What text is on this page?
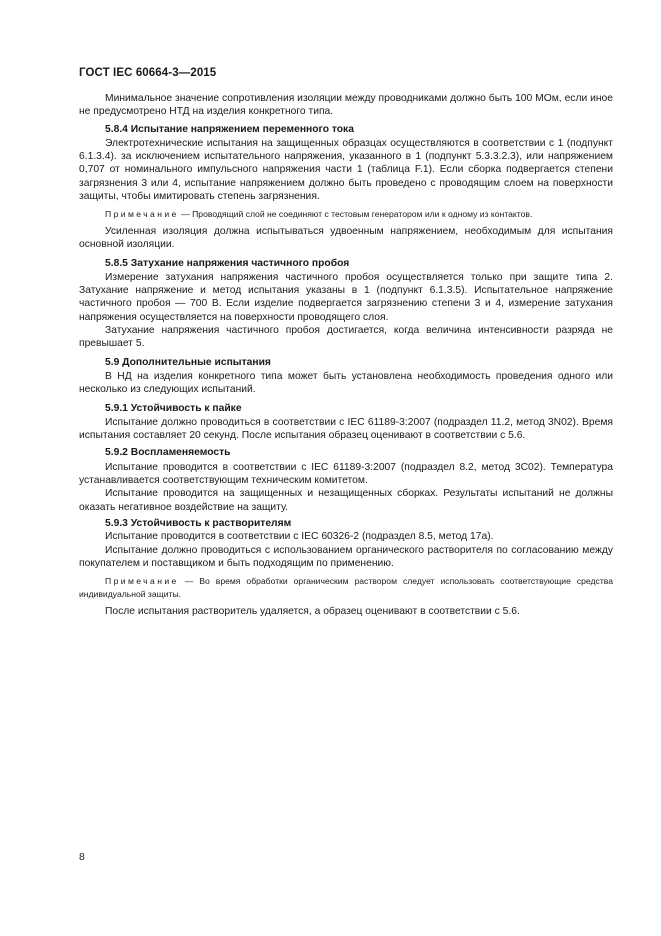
ГОСТ IEC 60664-3—2015

Минимальное значение сопротивления изоляции между проводниками должно быть 100 МОм, если иное не предусмотрено НТД на изделия конкретного типа.

5.8.4 Испытание напряжением переменного тока

Электротехнические испытания на защищенных образцах осуществляются в соответствии с 1 (подпункт 6.1.3.4). за исключением испытательного напряжения, указанного в 1 (подпункт 5.3.3.2.3), или напряжением 0,707 от номинального импульсного напряжения части 1 (таблица F.1). Если сборка подвергается степени загрязнения 3 или 4, испытание напряжением должно быть проведено с проводящим слоем на поверхности защиты, чтобы имитировать степень загрязнения.

Примечание — Проводящий слой не соединяют с тестовым генератором или к одному из контактов.

Усиленная изоляция должна испытываться удвоенным напряжением, необходимым для испытания основной изоляции.

5.8.5 Затухание напряжения частичного пробоя

Измерение затухания напряжения частичного пробоя осуществляется только при защите типа 2. Затухание напряжение и метод испытания указаны в 1 (подпункт 6.1.3.5). Испытательное напряжение частичного пробоя — 700 В. Если изделие подвергается загрязнению степени 3 и 4, измерение затухания напряжения осуществляется на поверхности проводящего слоя.

Затухание напряжения частичного пробоя достигается, когда величина интенсивности разряда не превышает 5.

5.9 Дополнительные испытания

В НД на изделия конкретного типа может быть установлена необходимость проведения одного или несколько из следующих испытаний.

5.9.1 Устойчивость к пайке

Испытание должно проводиться в соответствии с IEC 61189-3:2007 (подраздел 11.2, метод 3N02). Время испытания составляет 20 секунд. После испытания образец оценивают в соответствии с 5.6.

5.9.2 Воспламеняемость

Испытание проводится в соответствии с IEC 61189-3:2007 (подраздел 8.2, метод 3C02). Температура устанавливается соответствующим техническим комитетом.

Испытание проводится на защищенных и незащищенных сборках. Результаты испытаний не должны оказать негативное воздействие на защиту.

5.9.3 Устойчивость к растворителям

Испытание проводится в соответствии с IEC 60326-2 (подраздел 8.5, метод 17a).

Испытание должно проводиться с использованием органического растворителя по согласованию между покупателем и поставщиком и быть подходящим по применению.

Примечание — Во время обработки органическим раствором следует использовать соответствующие средства индивидуальной защиты.

После испытания растворитель удаляется, а образец оценивают в соответствии с 5.6.

8
